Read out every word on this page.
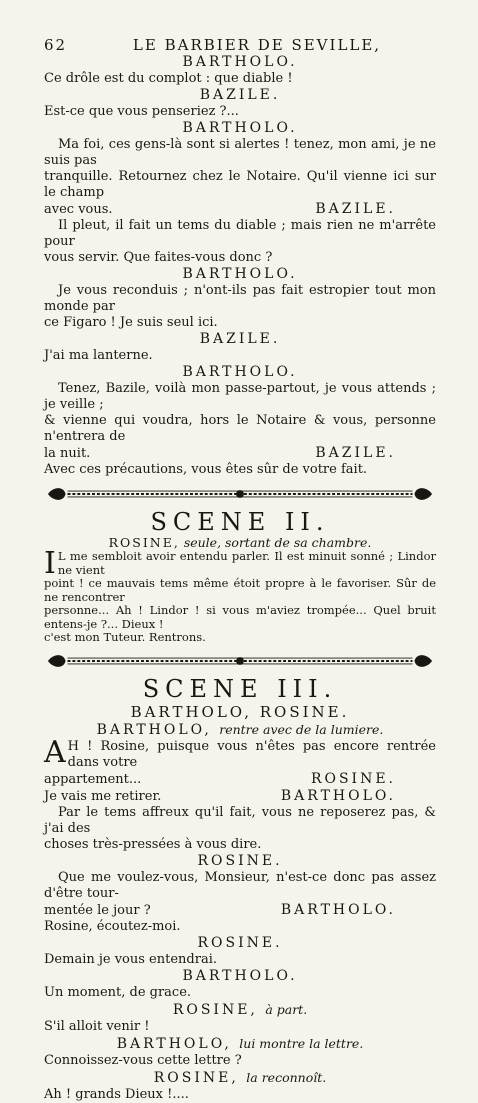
62	LE BARBIER DE SEVILLE,
BARTHOLO.
Ce drôle est du complot : que diable !
BAZILE.
Est-ce que vous penseriez ?...
BARTHOLO.
Ma foi, ces gens-là sont si alertes ! tenez, mon ami, je ne suis pas
tranquille. Retournez chez le Notaire. Qu'il vienne ici sur le champ
avec vous.	BAZILE.
Il pleut, il fait un tems du diable ; mais rien ne m'arrête pour
vous servir. Que faites-vous donc ?
BARTHOLO.
Je vous reconduis ; n'ont-ils pas fait estropier tout mon monde par
ce Figaro ! Je suis seul ici.
BAZILE.
J'ai ma lanterne.
BARTHOLO.
Tenez, Bazile, voilà mon passe-partout, je vous attends ; je veille ;
& vienne qui voudra, hors le Notaire & vous, personne n'entrera de
la nuit.	BAZILE.
Avec ces précautions, vous êtes sûr de votre fait.
SCENE II.
ROSINE, seule, sortant de sa chambre.
I L me sembloit avoir entendu parler. Il est minuit sonné ; Lindor ne vient
point ! ce mauvais tems même étoit propre à le favoriser. Sûr de ne rencontrer
personne... Ah ! Lindor ! si vous m'aviez trompée... Quel bruit entens-je ?... Dieux !
c'est mon Tuteur. Rentrons.
SCENE III.
BARTHOLO, ROSINE.
BARTHOLO, rentre avec de la lumiere.
A H ! Rosine, puisque vous n'êtes pas encore rentrée dans votre
appartement...	ROSINE.
Je vais me retirer.	BARTHOLO.
Par le tems affreux qu'il fait, vous ne reposerez pas, & j'ai des
choses très-pressées à vous dire.
ROSINE.
Que me voulez-vous, Monsieur, n'est-ce donc pas assez d'être tour-
mentée le jour ?	BARTHOLO.
Rosine, écoutez-moi.
ROSINE.
Demain je vous entendrai.
BARTHOLO.
Un moment, de grace.
ROSINE, à part.
S'il alloit venir !
BARTHOLO, lui montre la lettre.
Connoissez-vous cette lettre ?
ROSINE, la reconnoît.
Ah ! grands Dieux !....
